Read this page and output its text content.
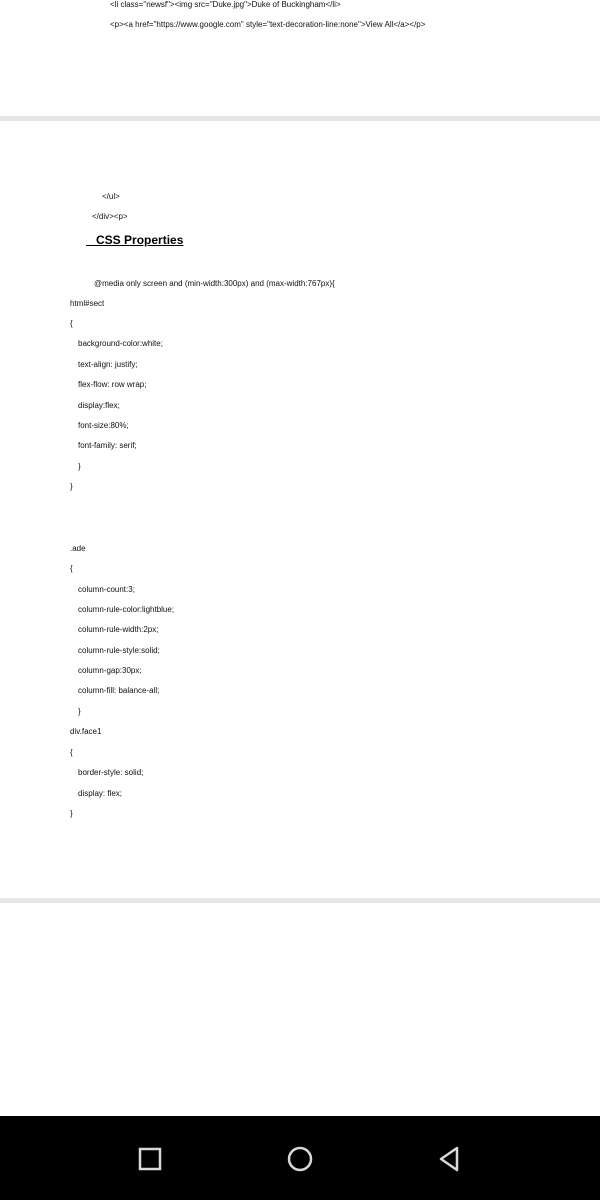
<li class="newsf"><img src="Duke.jpg">Duke of Buckingham</li>
<p><a href="https://www.google.com" style="text-decoration-line:none">View All</a></p>
</ul>
</div><p>
CSS Properties
@media only screen and (min-width:300px) and (max-width:767px){
html#sect
{
background-color:white;
text-align: justify;
flex-flow: row wrap;
display:flex;
font-size:80%;
font-family: serif;
}
}
.ade
{
column-count:3;
column-rule-color:lightblue;
column-rule-width:2px;
column-rule-style:solid;
column-gap:30px;
column-fill: balance-all;
}
div.face1
{
border-style: solid;
display: flex;
}
